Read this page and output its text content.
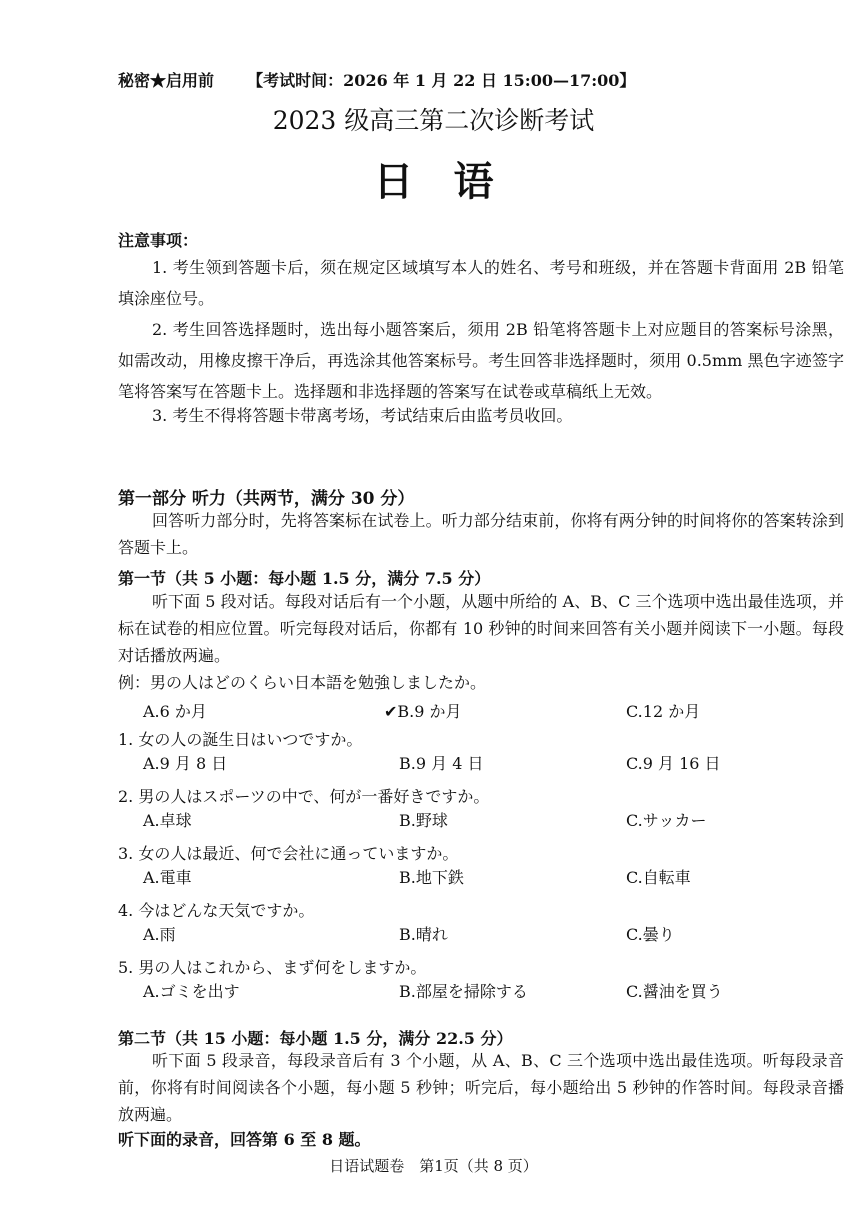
秘密★启用前 【考试时间：2026 年 1 月 22 日 15:00—17:00】
2023 级高三第二次诊断考试
日语
注意事项：
1. 考生领到答题卡后，须在规定区域填写本人的姓名、考号和班级，并在答题卡背面用 2B 铅笔填涂座位号。
2. 考生回答选择题时，选出每小题答案后，须用 2B 铅笔将答题卡上对应题目的答案标号涂黑，如需改动，用橡皮擦干净后，再选涂其他答案标号。考生回答非选择题时，须用 0.5mm 黑色字迹签字笔将答案写在答题卡上。选择题和非选择题的答案写在试卷或草稿纸上无效。
3. 考生不得将答题卡带离考场，考试结束后由监考员收回。
第一部分 听力（共两节，满分 30 分）
回答听力部分时，先将答案标在试卷上。听力部分结束前，你将有两分钟的时间将你的答案转涂到答题卡上。
第一节（共 5 小题：每小题 1.5 分，满分 7.5 分）
听下面 5 段对话。每段对话后有一个小题，从题中所给的 A、B、C 三个选项中选出最佳选项，并标在试卷的相应位置。听完每段对话后，你都有 10 秒钟的时间来回答有关小题并阅读下一小题。每段对话播放两遍。
例：男の人はどのくらい日本語を勉強しましたか。
A.6 か月	✔B.9 か月	C.12 か月
1. 女の人の誕生日はいつですか。
A.9 月 8 日	B.9 月 4 日	C.9 月 16 日
2. 男の人はスポーツの中で、何が一番好きですか。
A.卓球	B.野球	C.サッカー
3. 女の人は最近、何で会社に通っていますか。
A.電車	B.地下鉄	C.自転車
4. 今はどんな天気ですか。
A.雨	B.晴れ	C.曇り
5. 男の人はこれから、まず何をしますか。
A.ゴミを出す	B.部屋を掃除する	C.醤油を買う
第二节（共 15 小题：每小题 1.5 分，满分 22.5 分）
听下面 5 段录音，每段录音后有 3 个小题，从 A、B、C 三个选项中选出最佳选项。听每段录音前，你将有时间阅读各个小题，每小题 5 秒钟；听完后，每小题给出 5 秒钟的作答时间。每段录音播放两遍。
听下面的录音，回答第 6 至 8 题。
日语试题卷　第1页（共 8 页）
